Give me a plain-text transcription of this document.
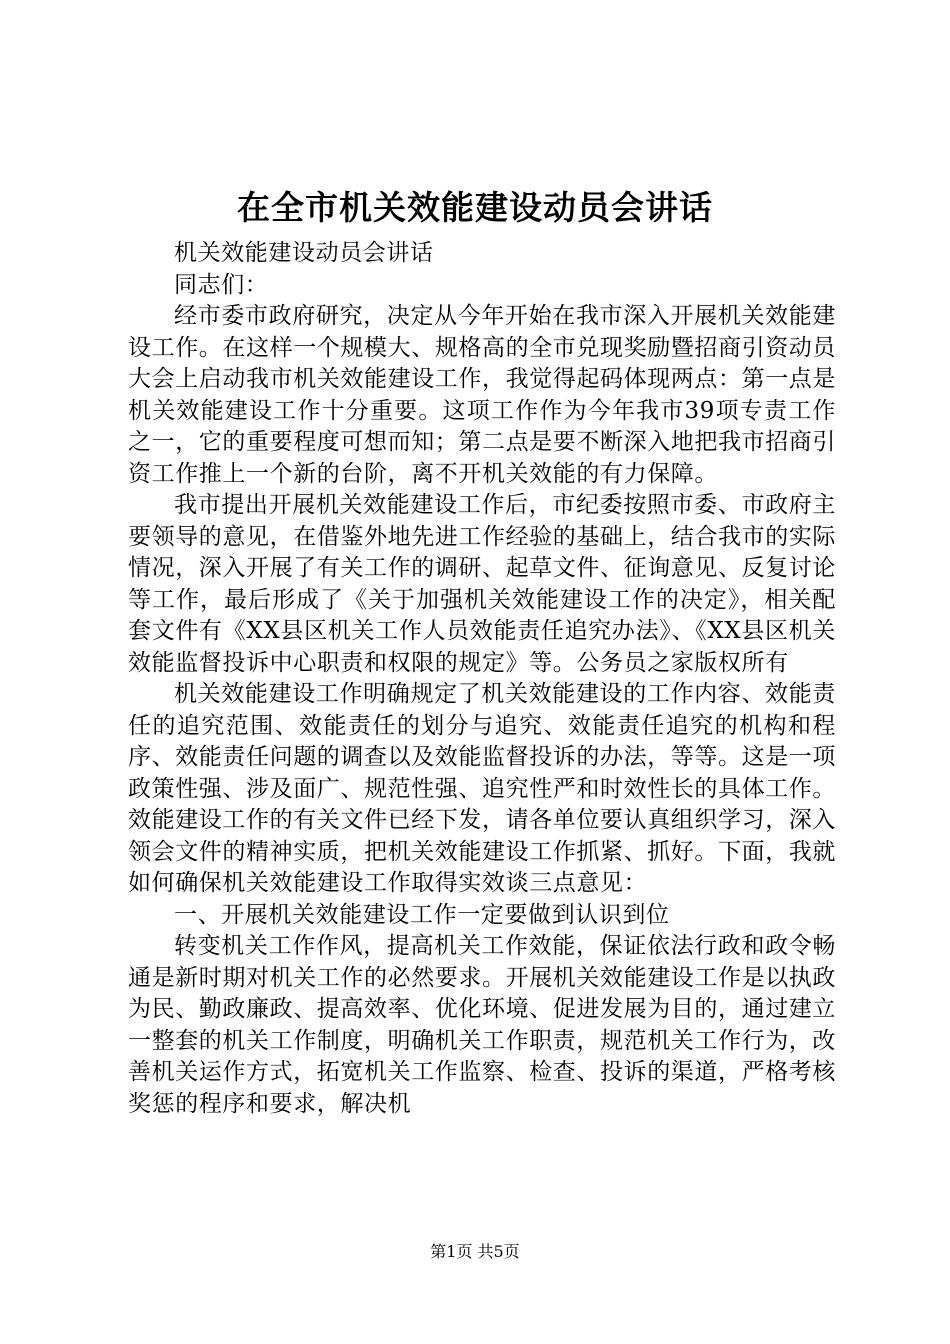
在全市机关效能建设动员会讲话

机关效能建设动员会讲话

同志们：

经市委市政府研究，决定从今年开始在我市深入开展机关效能建设工作。在这样一个规模大、规格高的全市兑现奖励暨招商引资动员大会上启动我市机关效能建设工作，我觉得起码体现两点：第一点是机关效能建设工作十分重要。这项工作作为今年我市39项专责工作之一，它的重要程度可想而知；第二点是要不断深入地把我市招商引资工作推上一个新的台阶，离不开机关效能的有力保障。

我市提出开展机关效能建设工作后，市纪委按照市委、市政府主要领导的意见，在借鉴外地先进工作经验的基础上，结合我市的实际情况，深入开展了有关工作的调研、起草文件、征询意见、反复讨论等工作，最后形成了《关于加强机关效能建设工作的决定》，相关配套文件有《XX县区机关工作人员效能责任追究办法》、《XX县区机关效能监督投诉中心职责和权限的规定》等。公务员之家版权所有

机关效能建设工作明确规定了机关效能建设的工作内容、效能责任的追究范围、效能责任的划分与追究、效能责任追究的机构和程序、效能责任问题的调查以及效能监督投诉的办法，等等。这是一项政策性强、涉及面广、规范性强、追究性严和时效性长的具体工作。效能建设工作的有关文件已经下发，请各单位要认真组织学习，深入领会文件的精神实质，把机关效能建设工作抓紧、抓好。下面，我就如何确保机关效能建设工作取得实效谈三点意见：

一、开展机关效能建设工作一定要做到认识到位

转变机关工作作风，提高机关工作效能，保证依法行政和政令畅通是新时期对机关工作的必然要求。开展机关效能建设工作是以执政为民、勤政廉政、提高效率、优化环境、促进发展为目的，通过建立一整套的机关工作制度，明确机关工作职责，规范机关工作行为，改善机关运作方式，拓宽机关工作监察、检查、投诉的渠道，严格考核奖惩的程序和要求，解决机

第1页 共5页
